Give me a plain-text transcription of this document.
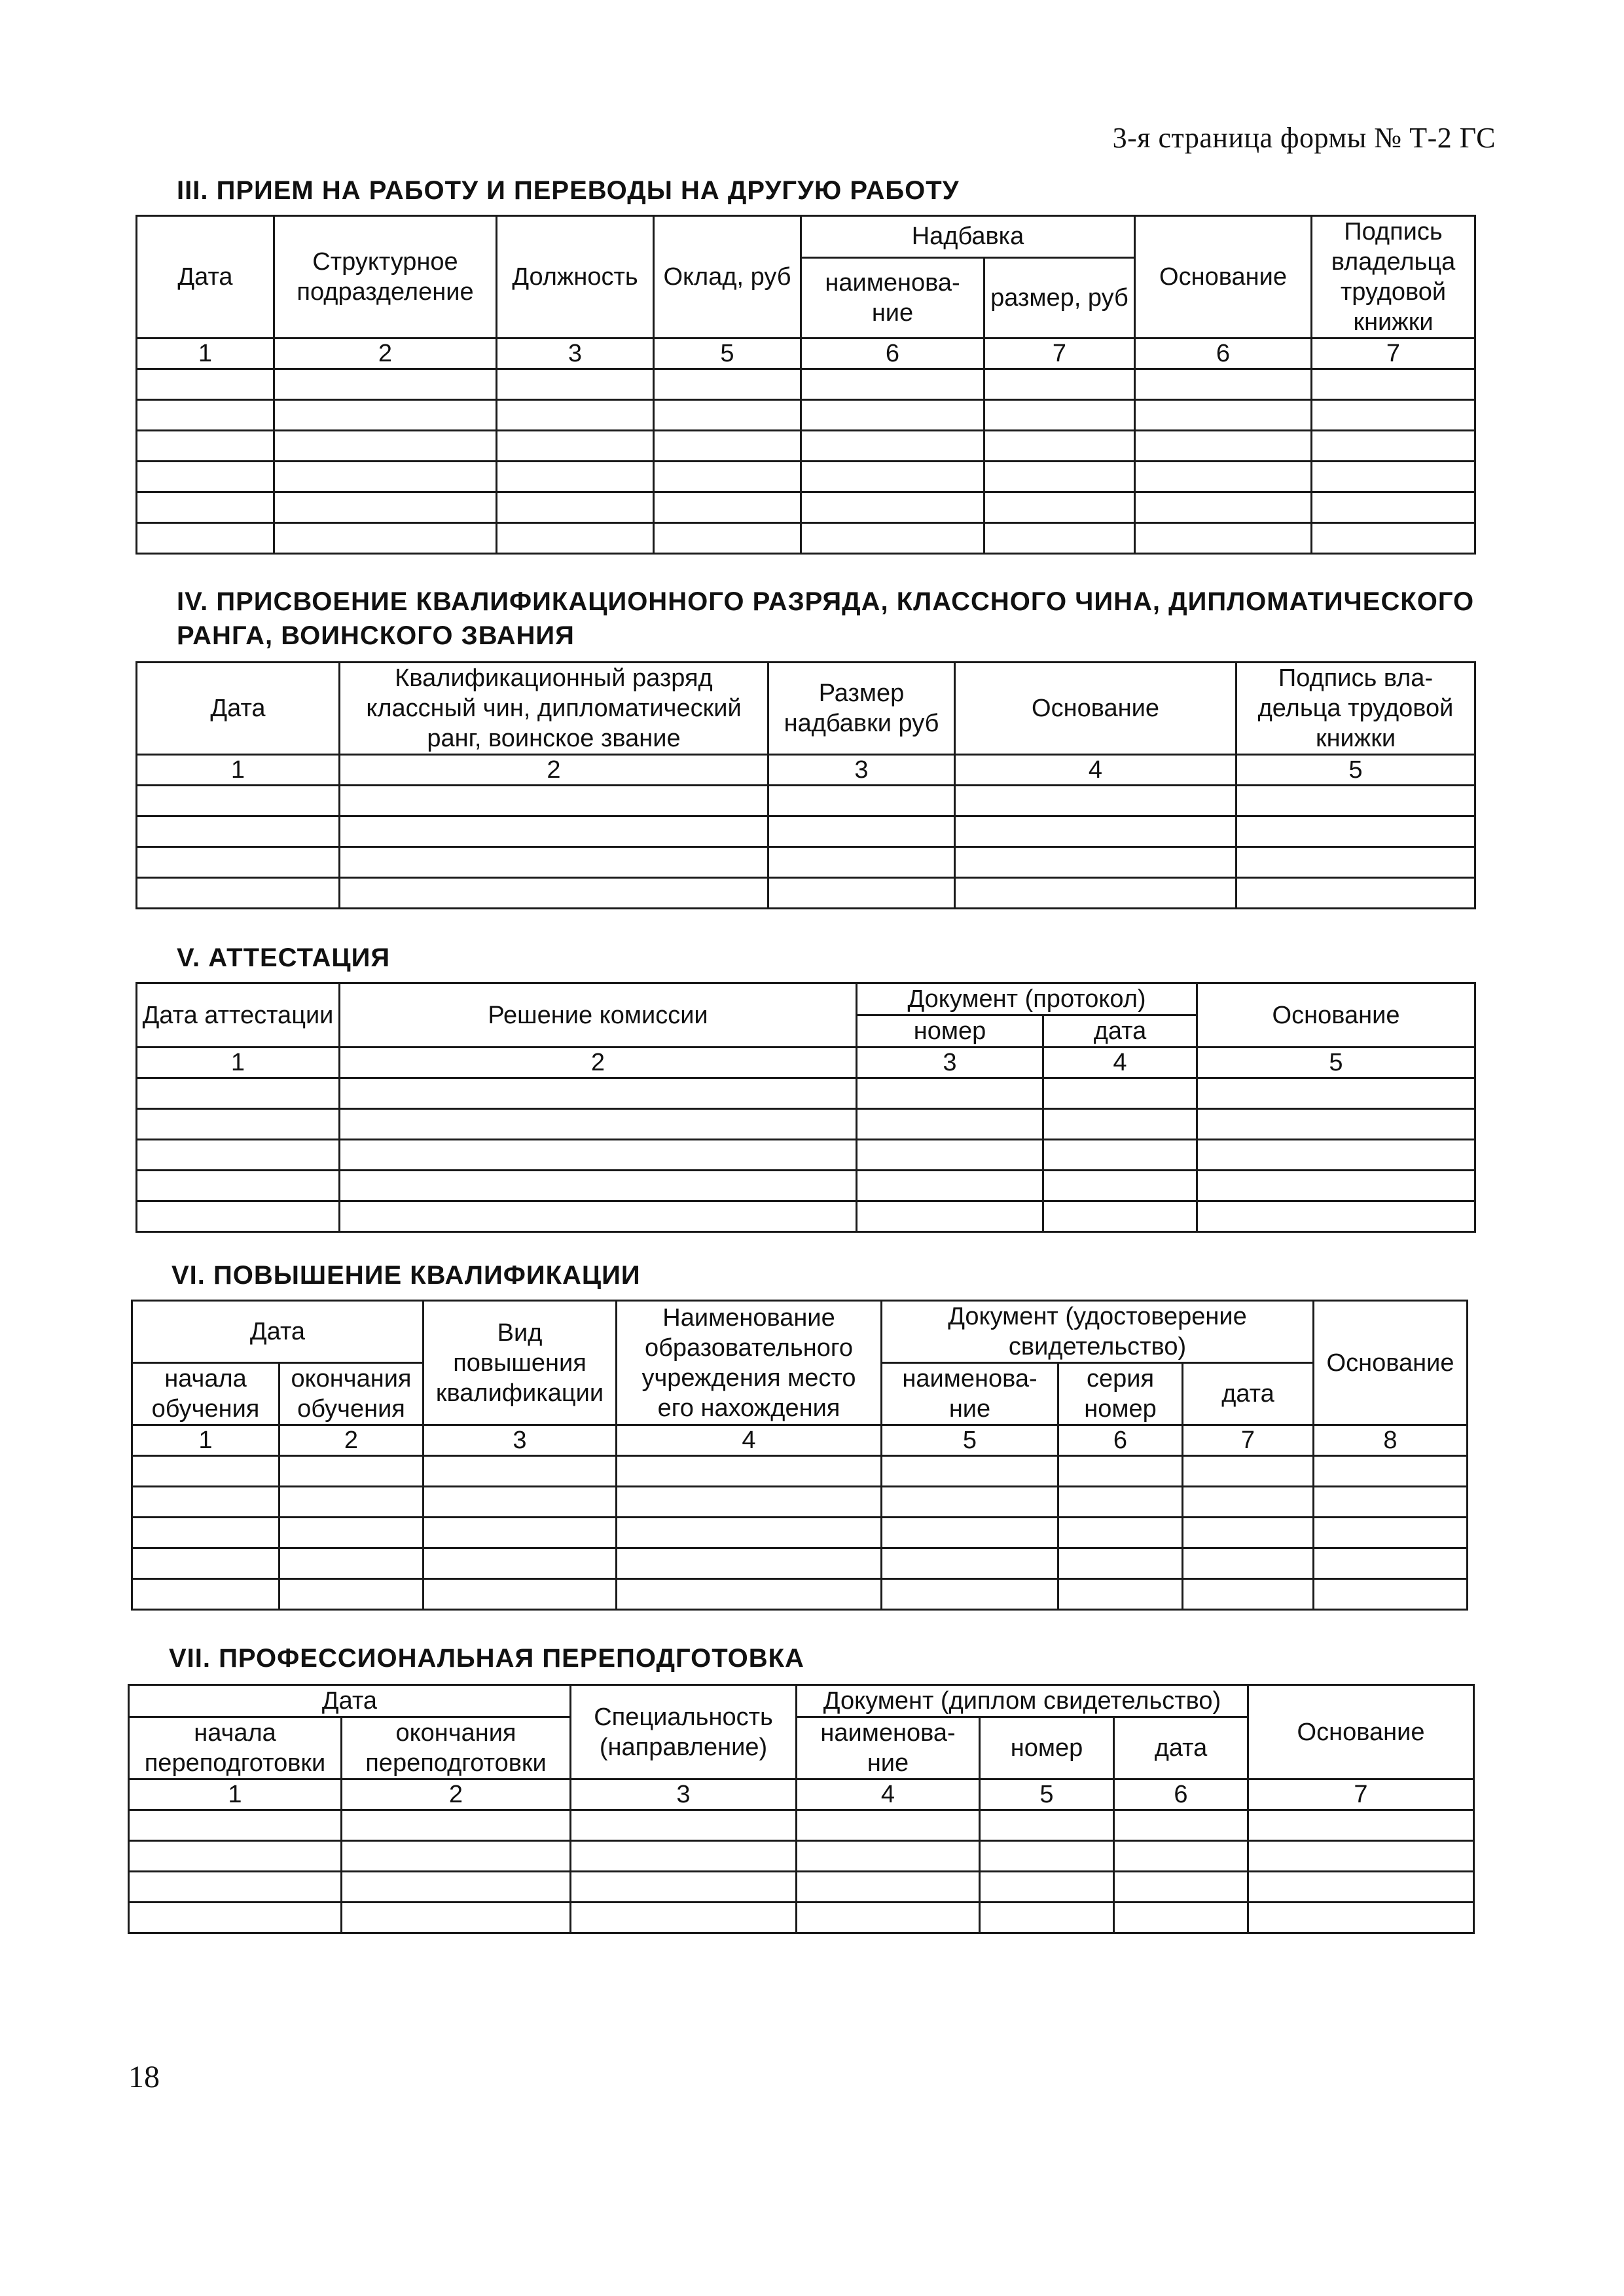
3-я страница формы № Т-2 ГС
III. ПРИЕМ НА РАБОТУ И ПЕРЕВОДЫ НА ДРУГУЮ РАБОТУ
Дата	Структурное подразделение	Должность	Оклад, руб	Надбавка		Основание	Подпись владельца трудовой книжки
				наименова-ние	размер, руб		
1	2	3	5	6	7	6	7

IV. ПРИСВОЕНИЕ КВАЛИФИКАЦИОННОГО РАЗРЯДА, КЛАССНОГО ЧИНА, ДИПЛОМАТИЧЕСКОГО РАНГА, ВОИНСКОГО ЗВАНИЯ
Дата	Квалификационный разряд классный чин, дипломатический ранг, воинское звание	Размер надбавки руб	Основание	Подпись вла-дельца трудовой книжки
1	2	3	4	5

V. АТТЕСТАЦИЯ
Дата аттестации	Решение комиссии	Документ (протокол)		Основание
		номер	дата	
1	2	3	4	5

VI. ПОВЫШЕНИЕ КВАЛИФИКАЦИИ
Дата		Вид повышения квалификации	Наименование образовательного учреждения место его нахождения	Документ (удостоверение свидетельство)			Основание
начала обучения	окончания обучения			наименова-ние	серия номер	дата	
1	2	3	4	5	6	7	8

VII. ПРОФЕССИОНАЛЬНАЯ ПЕРЕПОДГОТОВКА
Дата		Специальность (направление)	Документ (диплом свидетельство)			Основание
начала переподготовки	окончания переподготовки		наименова-ние	номер	дата	
1	2	3	4	5	6	7

18
